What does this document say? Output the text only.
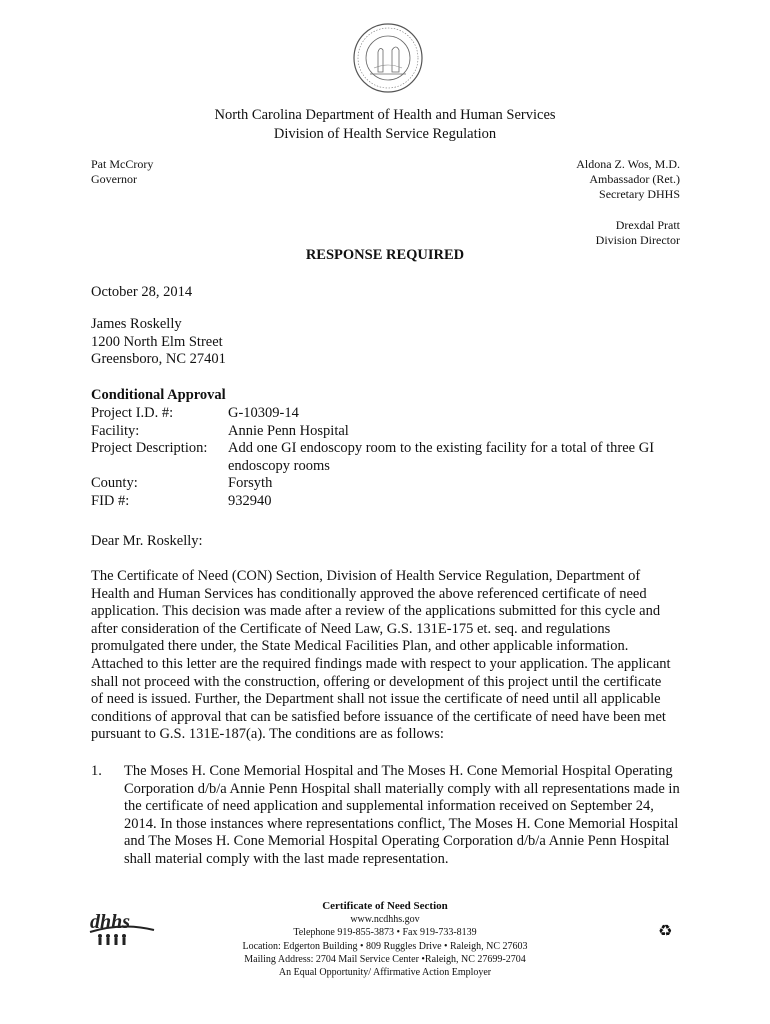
North Carolina Department of Health and Human Services
Division of Health Service Regulation
Pat McCrory
Governor
Aldona Z. Wos, M.D.
Ambassador (Ret.)
Secretary DHHS
Drexdal Pratt
Division Director
RESPONSE REQUIRED
October 28, 2014
James Roskelly
1200 North Elm Street
Greensboro, NC 27401
Conditional Approval
Project I.D. #:	G-10309-14
Facility:	Annie Penn Hospital
Project Description:	Add one GI endoscopy room to the existing facility for a total of three GI endoscopy rooms
County:	Forsyth
FID #:	932940
Dear Mr. Roskelly:
The Certificate of Need (CON) Section, Division of Health Service Regulation, Department of Health and Human Services has conditionally approved the above referenced certificate of need application. This decision was made after a review of the applications submitted for this cycle and after consideration of the Certificate of Need Law, G.S. 131E-175 et. seq. and regulations promulgated there under, the State Medical Facilities Plan, and other applicable information. Attached to this letter are the required findings made with respect to your application. The applicant shall not proceed with the construction, offering or development of this project until the certificate of need is issued. Further, the Department shall not issue the certificate of need until all applicable conditions of approval that can be satisfied before issuance of the certificate of need have been met pursuant to G.S. 131E-187(a). The conditions are as follows:
1.	The Moses H. Cone Memorial Hospital and The Moses H. Cone Memorial Hospital Operating Corporation d/b/a Annie Penn Hospital shall materially comply with all representations made in the certificate of need application and supplemental information received on September 24, 2014. In those instances where representations conflict, The Moses H. Cone Memorial Hospital and The Moses H. Cone Memorial Hospital Operating Corporation d/b/a Annie Penn Hospital shall material comply with the last made representation.
dhhs
Certificate of Need Section
www.ncdhhs.gov
Telephone 919-855-3873 • Fax 919-733-8139
Location: Edgerton Building • 809 Ruggles Drive • Raleigh, NC 27603
Mailing Address: 2704 Mail Service Center •Raleigh, NC 27699-2704
An Equal Opportunity/ Affirmative Action Employer
♻
